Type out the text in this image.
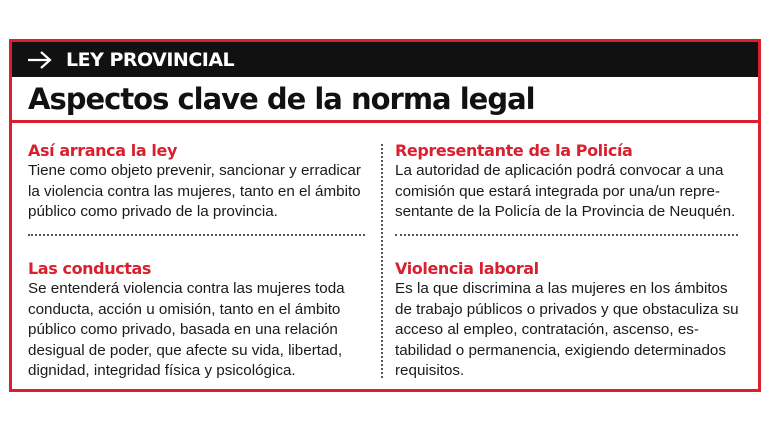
LEY PROVINCIAL
Aspectos clave de la norma legal
Así arranca la ley

Tiene como objeto prevenir, sancionar y erradicar la violencia contra las mujeres, tanto en el ámbito público como privado de la provincia.

Representante de la Policía

La autoridad de aplicación podrá convocar a una comisión que estará integrada por una/un repre-sentante de la Policía de la Provincia de Neuquén.

Las conductas

Se entenderá violencia contra las mujeres toda conducta, acción u omisión, tanto en el ámbito público como privado, basada en una relación desigual de poder, que afecte su vida, libertad, dignidad, integridad física y psicológica.

Violencia laboral

Es la que discrimina a las mujeres en los ámbitos de trabajo públicos o privados y que obstaculiza su acceso al empleo, contratación, ascenso, es-tabilidad o permanencia, exigiendo determinados requisitos.
